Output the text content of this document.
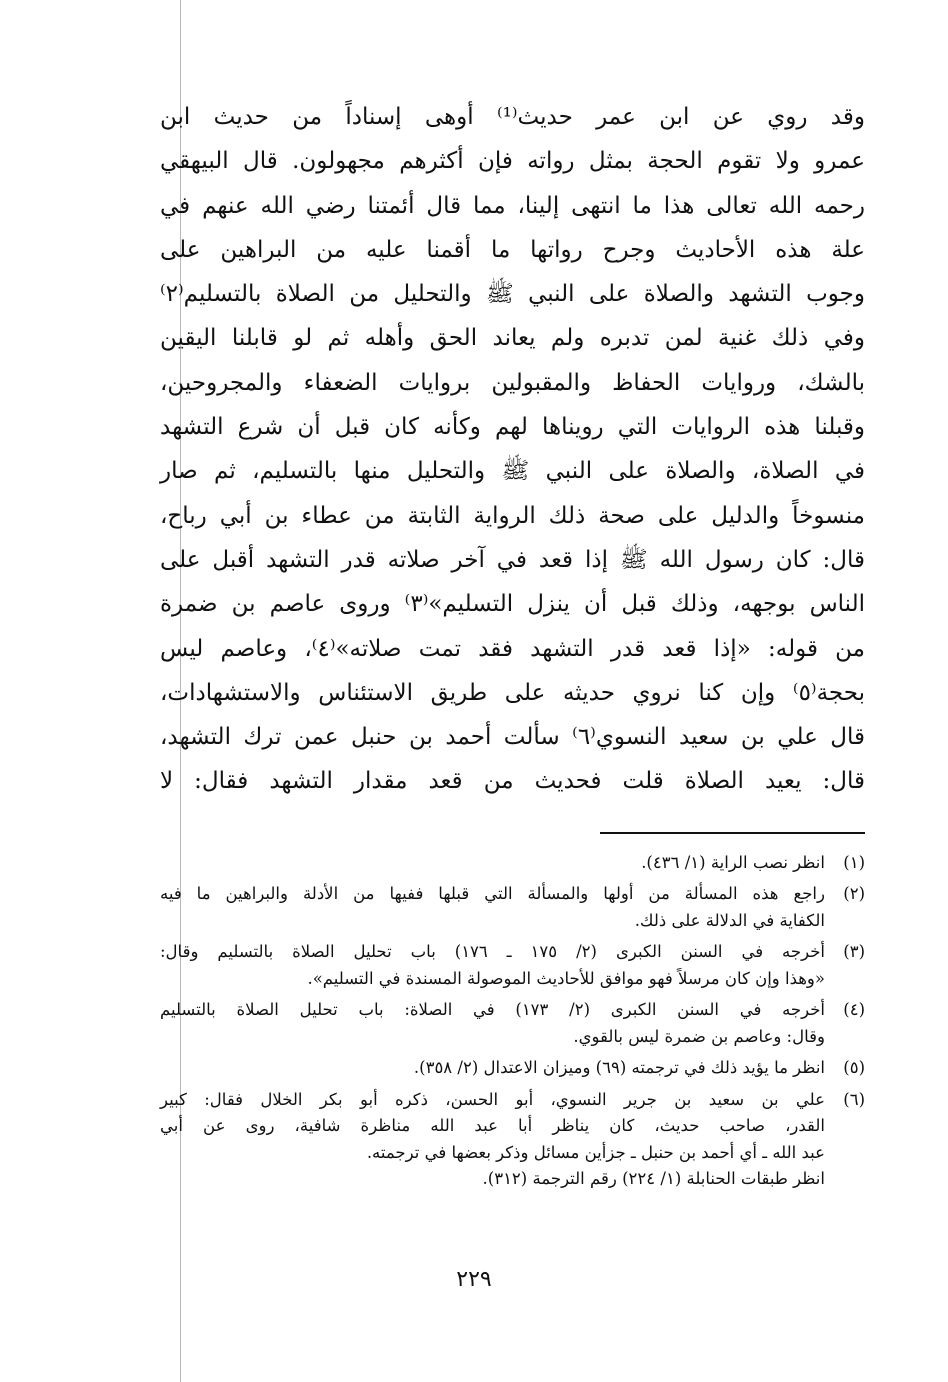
وقد روي عن ابن عمر حديث⁽¹⁾ أوهى إسناداً من حديث ابن
عمرو ولا تقوم الحجة بمثل رواته فإن أكثرهم مجهولون. قال البيهقي
رحمه الله تعالى هذا ما انتهى إلينا، مما قال أئمتنا رضي الله عنهم في
علة هذه الأحاديث وجرح رواتها ما أقمنا عليه من البراهين على
وجوب التشهد والصلاة على النبي ﷺ والتحليل من الصلاة بالتسليم⁽٢⁾
وفي ذلك غنية لمن تدبره ولم يعاند الحق وأهله ثم لو قابلنا اليقين
بالشك، وروايات الحفاظ والمقبولين بروايات الضعفاء والمجروحين،
وقبلنا هذه الروايات التي رويناها لهم وكأنه كان قبل أن شرع التشهد
في الصلاة، والصلاة على النبي ﷺ والتحليل منها بالتسليم، ثم صار
منسوخاً والدليل على صحة ذلك الرواية الثابتة من عطاء بن أبي رباح،
قال: كان رسول الله ﷺ إذا قعد في آخر صلاته قدر التشهد أقبل على
الناس بوجهه، وذلك قبل أن ينزل التسليم»⁽٣⁾ وروى عاصم بن ضمرة
من قوله: «إذا قعد قدر التشهد فقد تمت صلاته»⁽٤⁾، وعاصم ليس
بحجة⁽٥⁾ وإن كنا نروي حديثه على طريق الاستئناس والاستشهادات،
قال علي بن سعيد النسوي⁽٦⁾ سألت أحمد بن حنبل عمن ترك التشهد،
قال: يعيد الصلاة قلت فحديث من قعد مقدار التشهد فقال: لا
(١)
انظر نصب الراية (١/ ٤٣٦).
(٢)
راجع هذه المسألة من أولها والمسألة التي قبلها ففيها من الأدلة والبراهين ما فيه
الكفاية في الدلالة على ذلك.
(٣)
أخرجه في السنن الكبرى (٢/ ١٧٥ ـ ١٧٦) باب تحليل الصلاة بالتسليم وقال:
«وهذا وإن كان مرسلاً فهو موافق للأحاديث الموصولة المسندة في التسليم».
(٤)
أخرجه في السنن الكبرى (٢/ ١٧٣) في الصلاة: باب تحليل الصلاة بالتسليم
وقال: وعاصم بن ضمرة ليس بالقوي.
(٥)
انظر ما يؤيد ذلك في ترجمته (٦٩) وميزان الاعتدال (٢/ ٣٥٨).
(٦)
علي بن سعيد بن جرير النسوي، أبو الحسن، ذكره أبو بكر الخلال فقال: كبير
القدر، صاحب حديث، كان يناظر أبا عبد الله مناظرة شافية، روى عن أبي
عبد الله ـ أي أحمد بن حنبل ـ جزأين مسائل وذكر بعضها في ترجمته.
انظر طبقات الحنابلة (١/ ٢٢٤) رقم الترجمة (٣١٢).
٢٢٩
